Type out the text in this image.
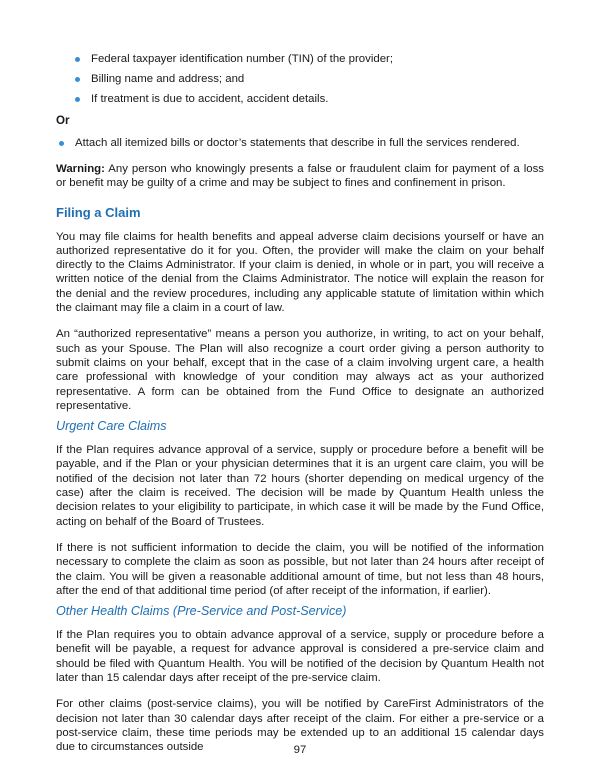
Federal taxpayer identification number (TIN) of the provider;
Billing name and address; and
If treatment is due to accident, accident details.
Or
Attach all itemized bills or doctor’s statements that describe in full the services rendered.

Warning: Any person who knowingly presents a false or fraudulent claim for payment of a loss or benefit may be guilty of a crime and may be subject to fines and confinement in prison.

Filing a Claim

You may file claims for health benefits and appeal adverse claim decisions yourself or have an authorized representative do it for you. Often, the provider will make the claim on your behalf directly to the Claims Administrator. If your claim is denied, in whole or in part, you will receive a written notice of the denial from the Claims Administrator. The notice will explain the reason for the denial and the review procedures, including any applicable statute of limitation within which the claimant may file a claim in a court of law.

An “authorized representative” means a person you authorize, in writing, to act on your behalf, such as your Spouse. The Plan will also recognize a court order giving a person authority to submit claims on your behalf, except that in the case of a claim involving urgent care, a health care professional with knowledge of your condition may always act as your authorized representative. A form can be obtained from the Fund Office to designate an authorized representative.

Urgent Care Claims

If the Plan requires advance approval of a service, supply or procedure before a benefit will be payable, and if the Plan or your physician determines that it is an urgent care claim, you will be notified of the decision not later than 72 hours (shorter depending on medical urgency of the case) after the claim is received. The decision will be made by Quantum Health unless the decision relates to your eligibility to participate, in which case it will be made by the Fund Office, acting on behalf of the Board of Trustees.

If there is not sufficient information to decide the claim, you will be notified of the information necessary to complete the claim as soon as possible, but not later than 24 hours after receipt of the claim. You will be given a reasonable additional amount of time, but not less than 48 hours, after the end of that additional time period (of after receipt of the information, if earlier).

Other Health Claims (Pre-Service and Post-Service)

If the Plan requires you to obtain advance approval of a service, supply or procedure before a benefit will be payable, a request for advance approval is considered a pre-service claim and should be filed with Quantum Health. You will be notified of the decision by Quantum Health not later than 15 calendar days after receipt of the pre-service claim.

For other claims (post-service claims), you will be notified by CareFirst Administrators of the decision not later than 30 calendar days after receipt of the claim. For either a pre-service or a post-service claim, these time periods may be extended up to an additional 15 calendar days due to circumstances outside	97
